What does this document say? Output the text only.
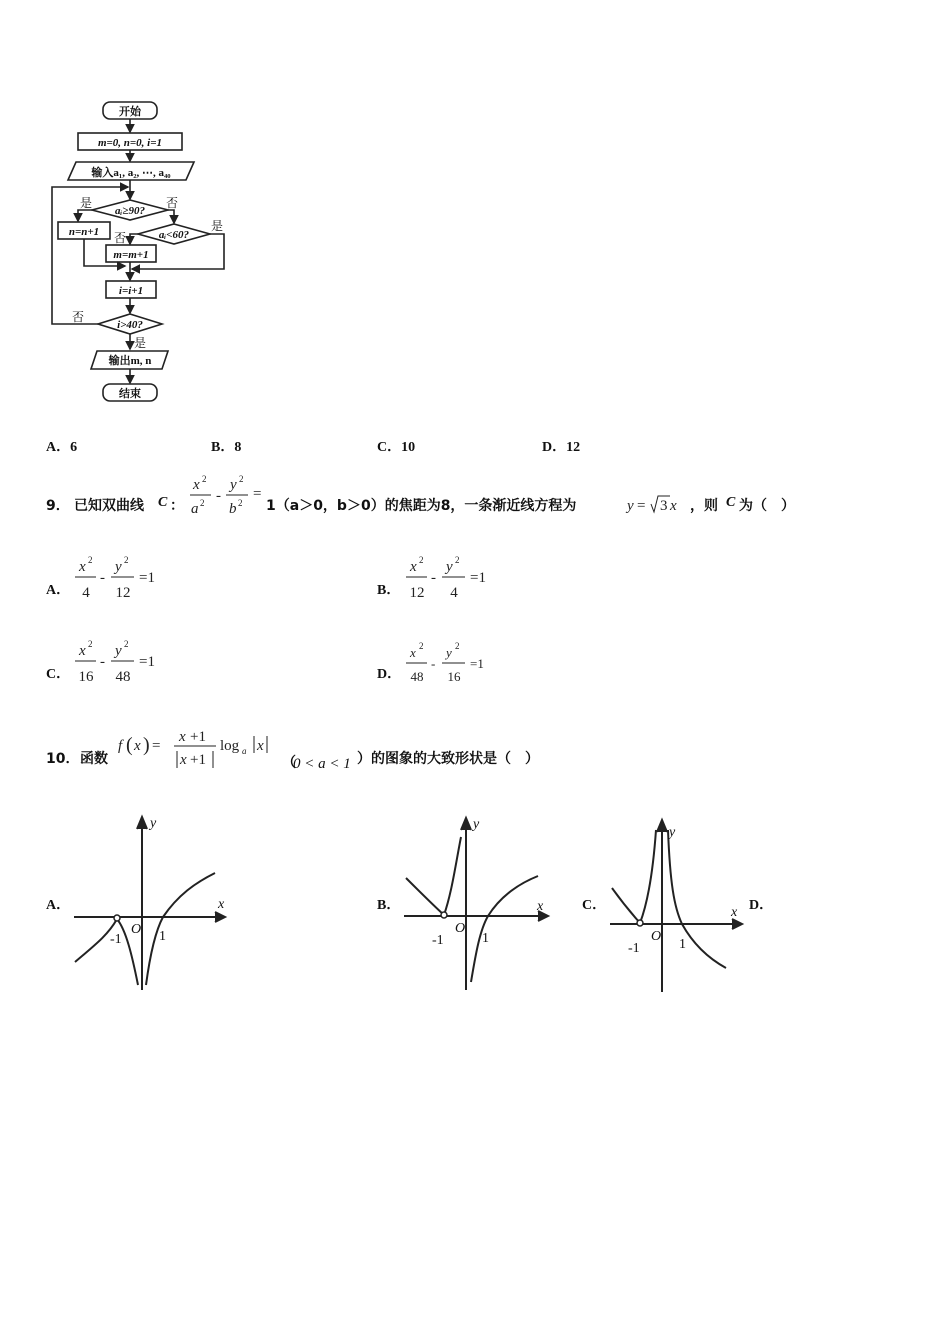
开始
m=0, n=0, i=1
输入a₁, a₂, ⋯, a₄₀
aᵢ≥90?
n=n+1	aᵢ<60?
m=m+1
i=i+1
i>40?
输出m, n
结束
是	否
否
是
否
是
A．6	B．8	C．10	D．12
9． 已知双曲线 C ：
x 2
a 2 -
y 2
b 2
=
1（a＞0，b＞0）的焦距为8，一条渐近线方程为	y = 3 x ，则 C 为（　）
A．
x 2
4
-
y 2
12
=1
B．
x 2
12
-
y 2
4
=1
C．
x 2
16
-
y 2
48
=1
D．
x 2
48
-
y 2
16
=1
10． 函数
f ( x ) =
x +1
x +1
log a x
（
0 < a < 1 ）的图象的大致形状是（　）
A．	B．	C．	D．
y
x
O
-1	1
y
x
O
-1	1
y
x
O
-1	1
